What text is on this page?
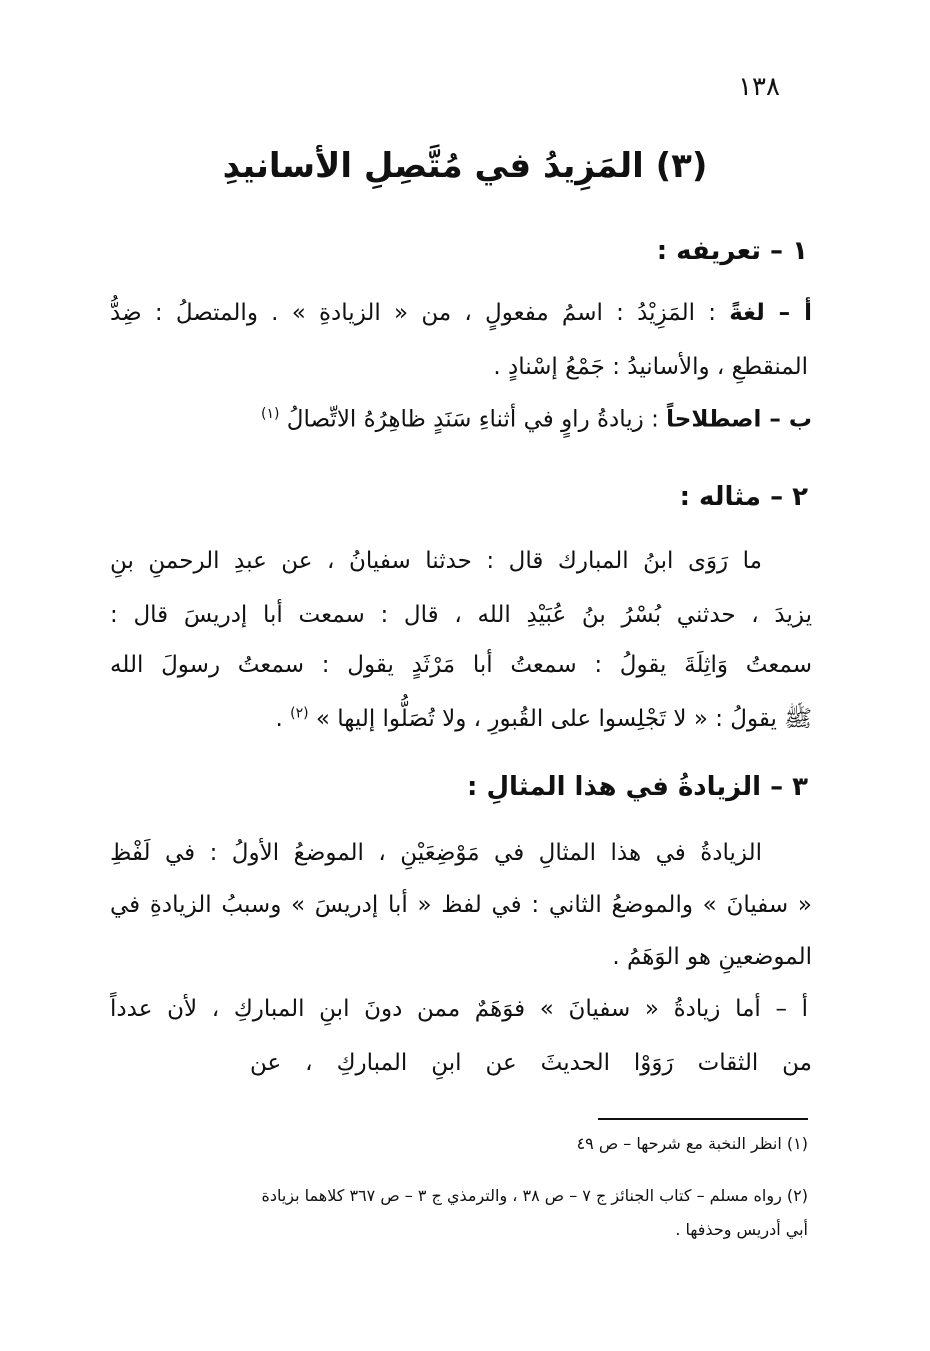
١٣٨
(٣) المَزِيدُ في مُتَّصِلِ الأسانيدِ
١ – تعريفه :
أ – لغةً : المَزِيْدُ : اسمُ مفعولٍ ، من « الزيادةِ » . والمتصلُ : ضِدُّ
المنقطعِ ، والأسانيدُ : جَمْعُ إسْنادٍ .
ب – اصطلاحاً : زيادةُ راوٍ في أثناءِ سَنَدٍ ظاهِرُهُ الاتِّصالُ $^{(١)}$
٢ – مثاله :
ما رَوَى ابنُ المبارك قال : حدثنا سفيانُ ، عن عبدِ الرحمنِ بنِ
يزيدَ ، حدثني بُسْرُ بنُ عُبَيْدِ الله ، قال : سمعت أبا إدريسَ قال :
سمعتُ وَاثِلَةَ يقولُ : سمعتُ أبا مَرْثَدٍ يقول : سمعتُ رسولَ الله
ﷺ يقولُ : « لا تَجْلِسوا على القُبورِ ، ولا تُصَلُّوا إليها » $^{(٢)}$ .
٣ – الزيادةُ في هذا المثالِ :
الزيادةُ في هذا المثالِ في مَوْضِعَيْنِ ، الموضعُ الأولُ : في لَفْظِ
« سفيانَ » والموضعُ الثاني : في لفظ « أبا إدريسَ » وسببُ الزيادةِ في
الموضعينِ هو الوَهَمُ .
أ – أما زيادةُ « سفيانَ » فوَهَمٌ ممن دونَ ابنِ المباركِ ، لأن عدداً
من الثقات رَوَوْا الحديثَ عن ابنِ المباركِ ، عن
(١) انظر النخبة مع شرحها – ص ٤٩
(٢) رواه مسلم – كتاب الجنائز ج ٧ – ص ٣٨ ، والترمذي ج ٣ – ص ٣٦٧ كلاهما بزيادة
أبي أدريس وحذفها .
